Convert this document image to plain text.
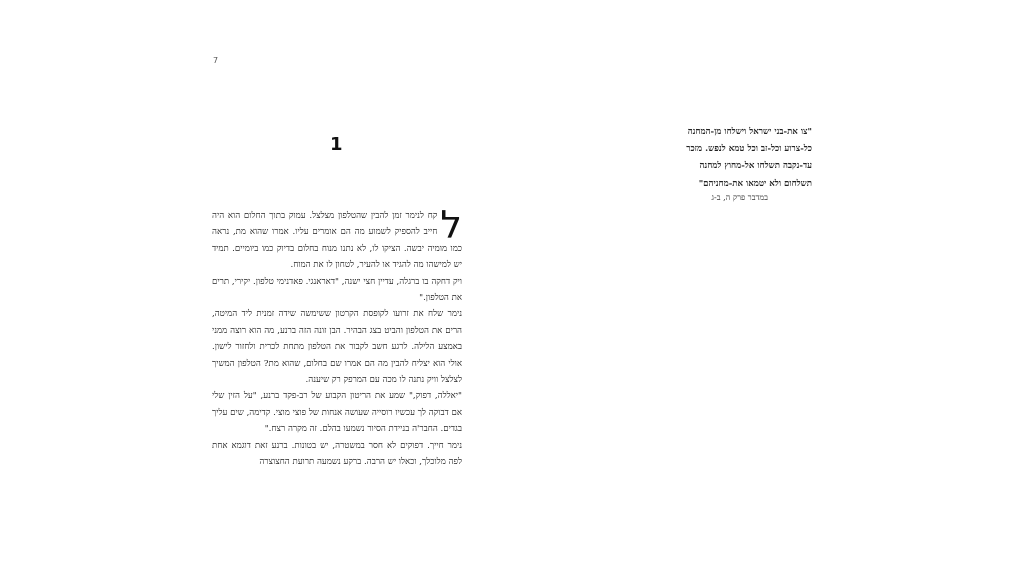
7
1

ל
קח לנימר זמן להבין שהטלפון מצלצל. עמוק בתוך החלום הוא היה חייב להספיק לשמוע מה הם אומרים עליו. אמרו שהוא מת, נראה כמו מומיה יבשה. הציקו לו, לא נתנו מנוח בחלום בדיוק כמו ביומיים. תמיד יש למישהו מה להגיד או להעיר, לטחון לו את המוח.

ויק דחקה בו ברגלה, עדיין חצי ישנה, "דאראנגי. פאדנימי טלפון. יקירי, תרים את הטלפון."

נימר שלח את זרועו לקופסת הקרטון ששימשה שידה זמנית ליד המיטה, הרים את הטלפון והביט בצג הבהיר. הבן זונה הזה ברנע, מה הוא רוצה ממני באמצע הלילה. לרגע חשב לקבור את הטלפון מתחת לכרית ולחזור לישון. אולי הוא יצליח להבין מה הם אמרו שם בחלום, שהוא מת? הטלפון המשיך לצלצל וויק נתנה לו מכה עם המרפק רק שיענה.

"יאללה, דפוק," שמע את הריטון הקבוע של רב-פקד ברנע, "על הזין שלי אם דבוקה לך עכשיו רוסייה שעושה אנחות של פוצי מוצי. קדימה, שים עליך בגדים. החבר'ה בניידת הסיור נשמעו בהלם. זה מקרה רצח."

נימר חייך. דפוקים לא חסר במשטרה, יש בטונות. ברנע זאת דוגמא אחת לפה מלוכלך, וכאלו יש הרבה. ברקע נשמעה תרועת החצוצרה

"צו את-בני ישראל וישלחו מן-המחנה
כל-צרוע וכל-זב וכל טמא לנפש. מזכר
עד-נקבה תשלחו אל-מחוץ למחנה
תשלחום ולא יטמאו את-מחניהם"
במדבר פרק ה, ב-ג
